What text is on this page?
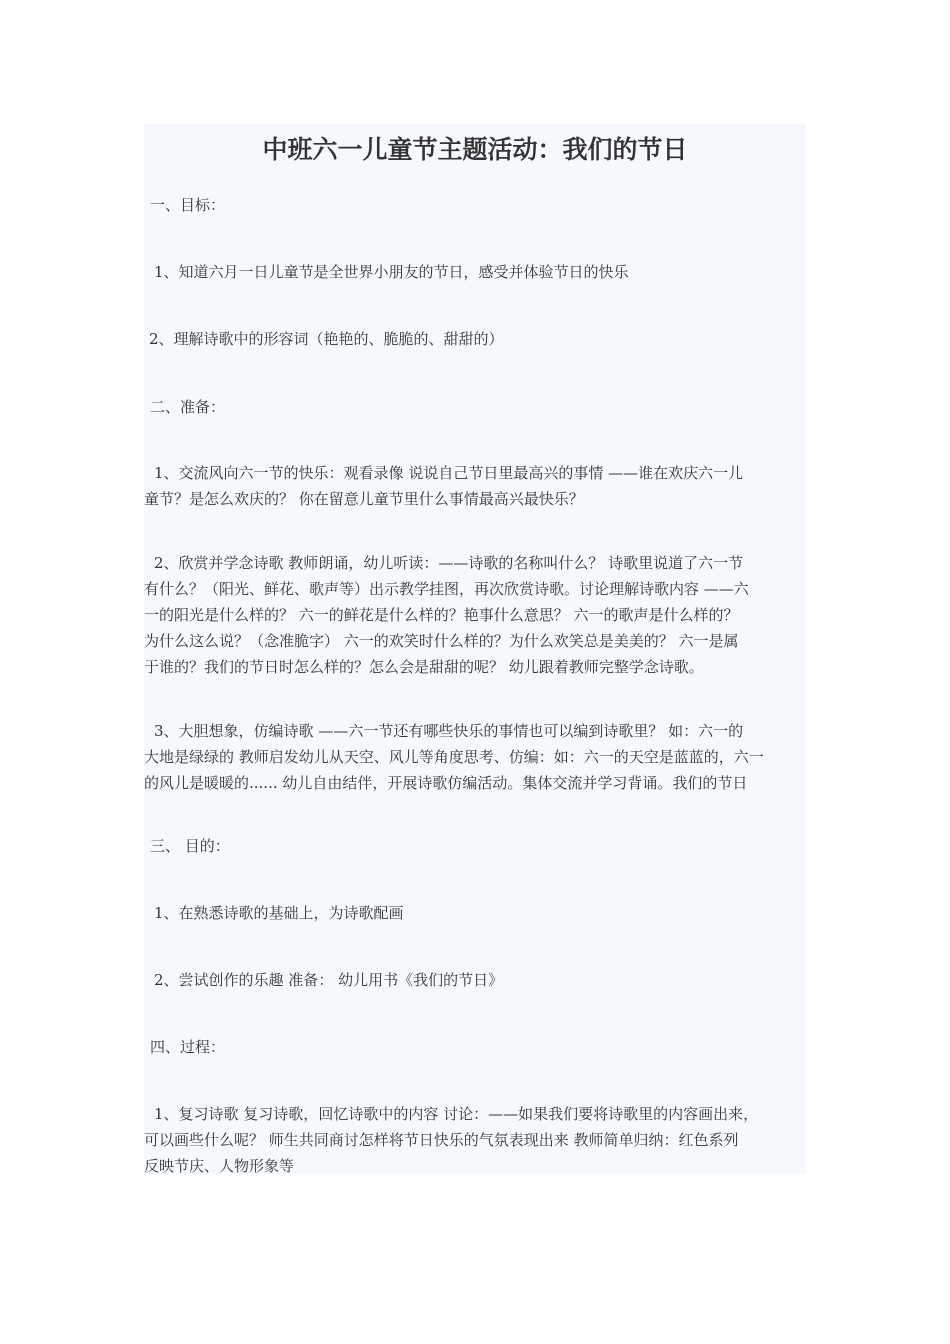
中班六一儿童节主题活动：我们的节日

一、目标：

1、知道六月一日儿童节是全世界小朋友的节日，感受并体验节日的快乐

2、理解诗歌中的形容词（艳艳的、脆脆的、甜甜的）

二、准备：

1、交流风向六一节的快乐：观看录像 说说自己节日里最高兴的事情 ——谁在欢庆六一儿
童节？是怎么欢庆的？ 你在留意儿童节里什么事情最高兴最快乐？
2、欣赏并学念诗歌 教师朗诵，幼儿听读：——诗歌的名称叫什么？ 诗歌里说道了六一节
有什么？（阳光、鲜花、歌声等）出示教学挂图，再次欣赏诗歌。讨论理解诗歌内容 ——六
一的阳光是什么样的？ 六一的鲜花是什么样的？艳事什么意思？ 六一的歌声是什么样的？
为什么这么说？（念准脆字） 六一的欢笑时什么样的？为什么欢笑总是美美的？ 六一是属
于谁的？我们的节日时怎么样的？怎么会是甜甜的呢？ 幼儿跟着教师完整学念诗歌。
3、大胆想象，仿编诗歌 ——六一节还有哪些快乐的事情也可以编到诗歌里？ 如：六一的
大地是绿绿的 教师启发幼儿从天空、风儿等角度思考、仿编：如：六一的天空是蓝蓝的，六一
的风儿是暖暖的...... 幼儿自由结伴，开展诗歌仿编活动。集体交流并学习背诵。我们的节日

三、 目的：

1、在熟悉诗歌的基础上，为诗歌配画

2、尝试创作的乐趣 准备： 幼儿用书《我们的节日》

四、过程：

1、复习诗歌 复习诗歌，回忆诗歌中的内容 讨论：——如果我们要将诗歌里的内容画出来，
可以画些什么呢？ 师生共同商讨怎样将节日快乐的气氛表现出来 教师简单归纳：红色系列
反映节庆、人物形象等
